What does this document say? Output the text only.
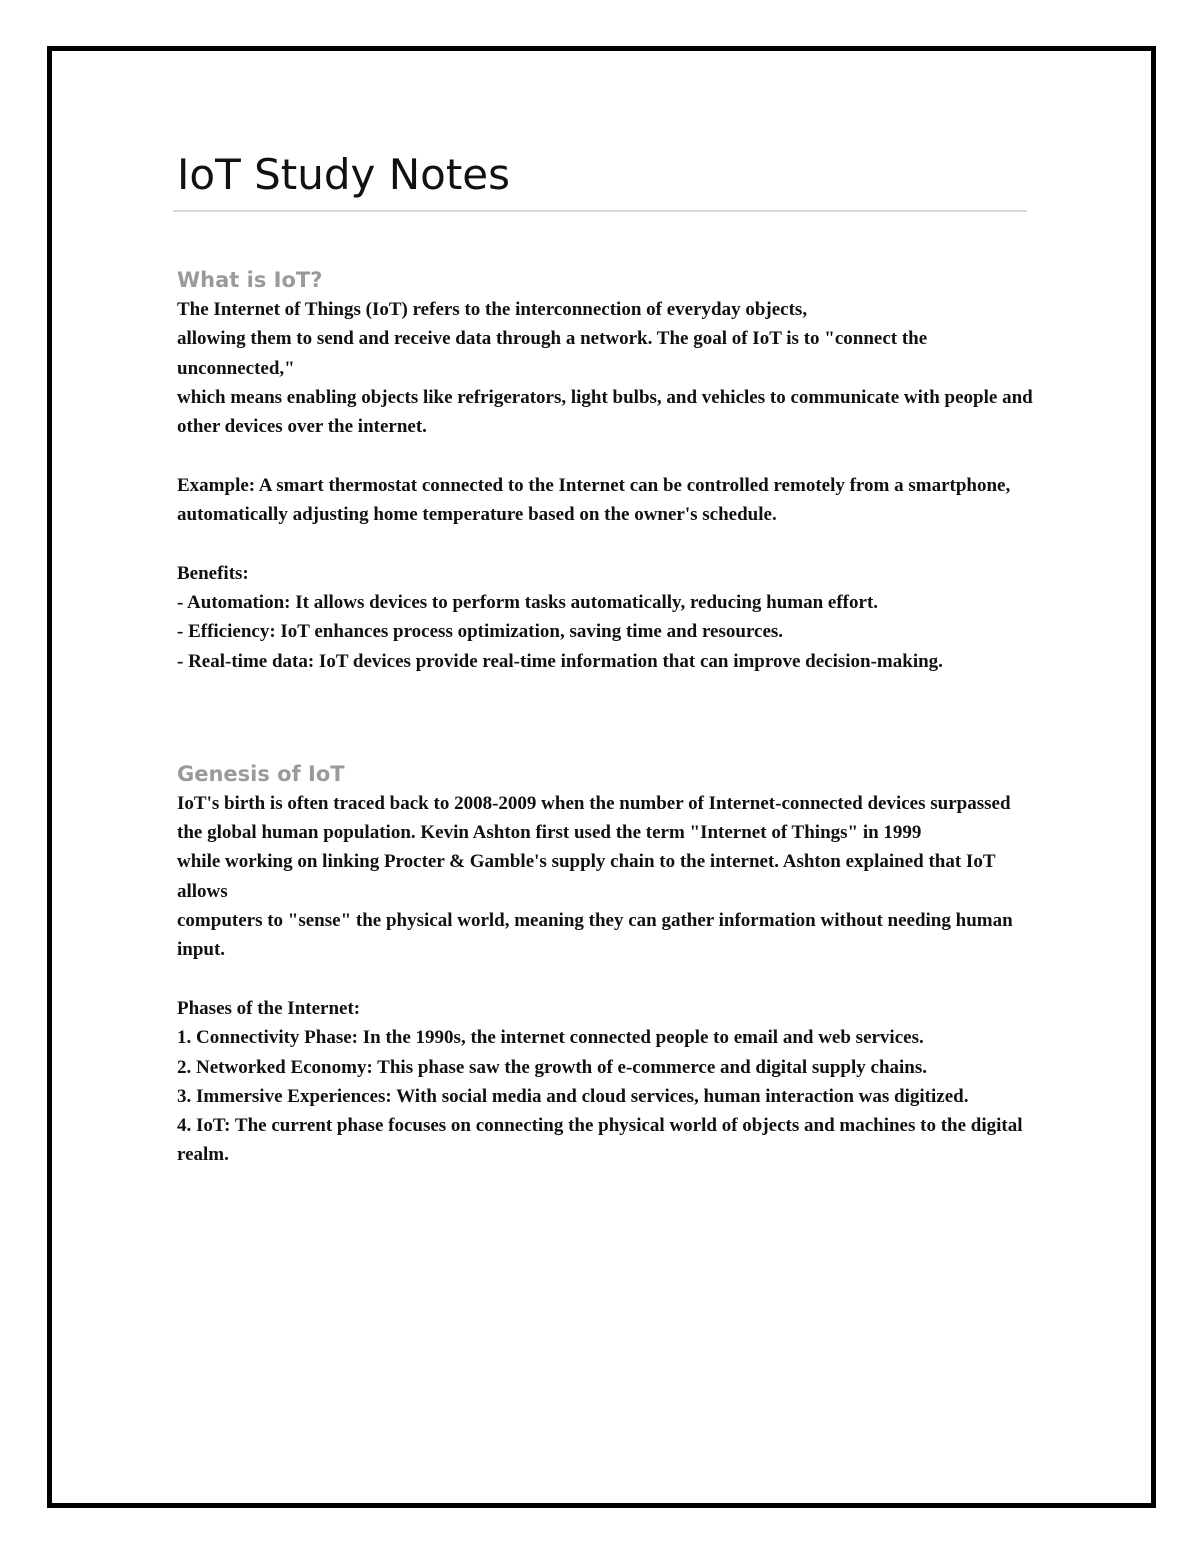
IoT Study Notes
What is IoT?

The Internet of Things (IoT) refers to the interconnection of everyday objects,

allowing them to send and receive data through a network. The goal of IoT is to "connect the unconnected,"

which means enabling objects like refrigerators, light bulbs, and vehicles to communicate with people and

other devices over the internet.

Example: A smart thermostat connected to the Internet can be controlled remotely from a smartphone,

automatically adjusting home temperature based on the owner's schedule.

Benefits:

- Automation: It allows devices to perform tasks automatically, reducing human effort.

- Efficiency: IoT enhances process optimization, saving time and resources.

- Real-time data: IoT devices provide real-time information that can improve decision-making.

Genesis of IoT

IoT's birth is often traced back to 2008-2009 when the number of Internet-connected devices surpassed the global human population. Kevin Ashton first used the term "Internet of Things" in 1999

while working on linking Procter & Gamble's supply chain to the internet. Ashton explained that IoT allows

computers to "sense" the physical world, meaning they can gather information without needing human input.

Phases of the Internet:

1. Connectivity Phase: In the 1990s, the internet connected people to email and web services.

2. Networked Economy: This phase saw the growth of e-commerce and digital supply chains.

3. Immersive Experiences: With social media and cloud services, human interaction was digitized.

4. IoT: The current phase focuses on connecting the physical world of objects and machines to the digital realm.
